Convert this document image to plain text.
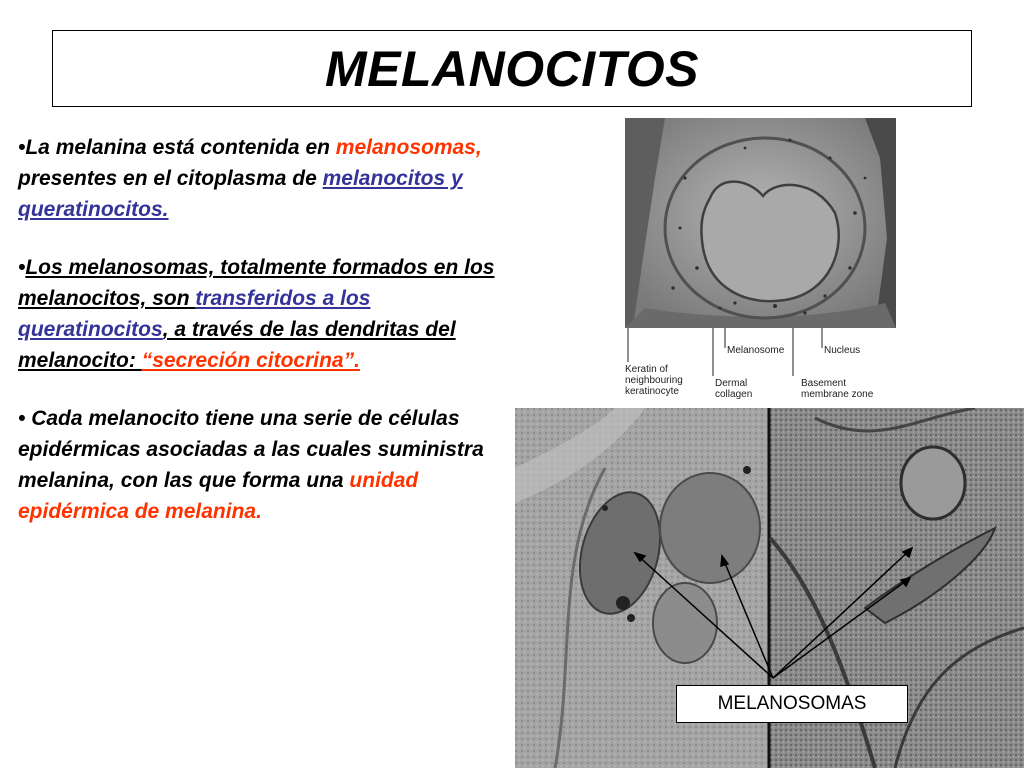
MELANOCITOS

•La melanina está contenida en melanosomas, presentes en el citoplasma de melanocitos y queratinocitos.

•Los melanosomas, totalmente formados en los melanocitos, son transferidos a los queratinocitos, a través de las dendritas del melanocito: “secreción citocrina”.

• Cada melanocito tiene una serie de células epidérmicas asociadas a las cuales suministra melanina, con las que forma una unidad epidérmica de melanina.

Keratin of neighbouring keratinocyte
Melanosome	Nucleus
Dermal collagen
Basement membrane zone
MELANOSOMAS
